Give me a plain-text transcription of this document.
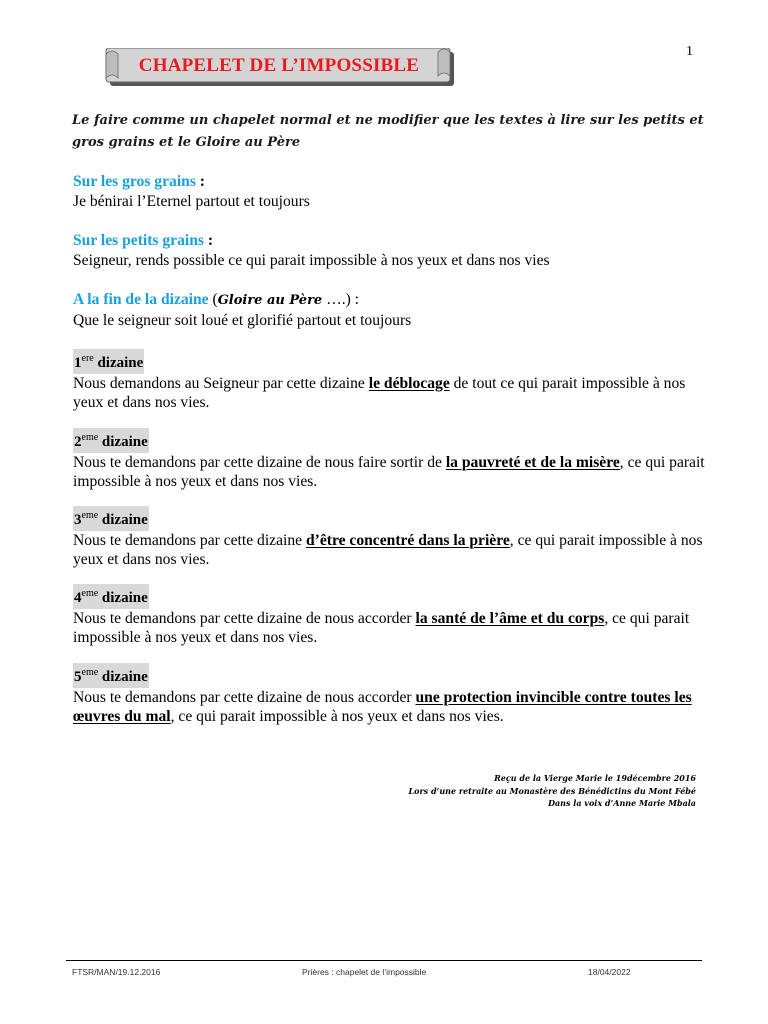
1
CHAPELET DE L’IMPOSSIBLE
Le faire comme un chapelet normal et ne modifier que les textes à lire sur les petits et gros grains et le Gloire au Père
Sur les gros grains :
Je bénirai l’Eternel partout et toujours
Sur les petits grains :
Seigneur, rends possible ce qui parait impossible à nos yeux et dans nos vies
A la fin de la dizaine (Gloire au Père ….) :
Que le seigneur soit loué et glorifié partout et toujours
1ere dizaine
Nous demandons au Seigneur par cette dizaine le déblocage de tout ce qui parait impossible à nos yeux et dans nos vies.
2eme dizaine
Nous te demandons par cette dizaine de nous faire sortir de la pauvreté et de la misère, ce qui parait impossible à nos yeux et dans nos vies.
3eme dizaine
Nous te demandons par cette dizaine d’être concentré dans la prière, ce qui parait impossible à nos yeux et dans nos vies.
4eme dizaine
Nous te demandons par cette dizaine de nous accorder la santé de l’âme et du corps, ce qui parait impossible à nos yeux et dans nos vies.
5eme dizaine
Nous te demandons par cette dizaine de nous accorder une protection invincible contre toutes les œuvres du mal, ce qui parait impossible à nos yeux et dans nos vies.
Reçu de la Vierge Marie le 19décembre 2016
Lors d’une retraite au Monastère des Bénédictins du Mont Fébé
Dans la voix d’Anne Marie Mbala
FTSR/MAN/19.12.2016	Prières : chapelet de l’impossible	18/04/2022
